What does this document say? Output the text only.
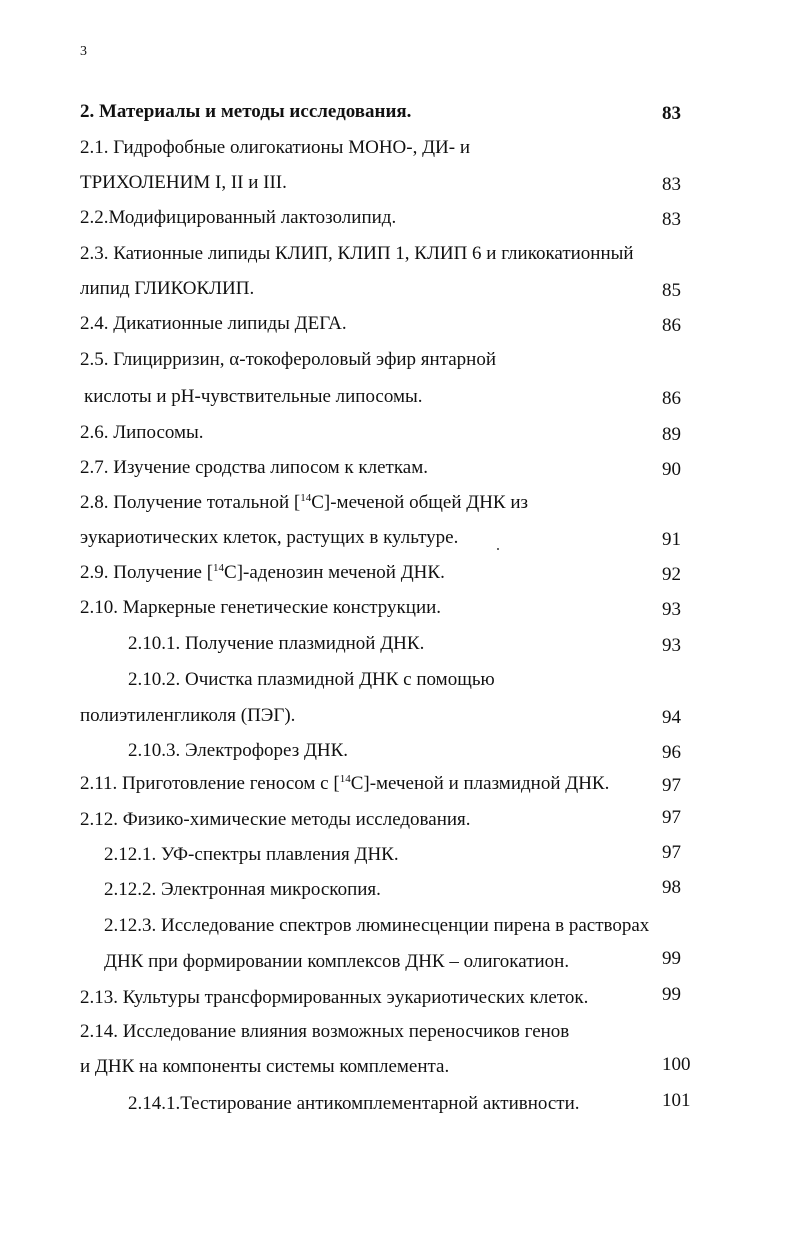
3
2. Материалы и методы исследования.	83
2.1. Гидрофобные олигокатионы МОНО-, ДИ- и
ТРИХОЛЕНИМ I, II и III.	83
2.2.Модифицированный лактозолипид.	83
2.3. Катионные липиды КЛИП, КЛИП 1, КЛИП 6 и гликокатионный
липид ГЛИКОКЛИП.	85
2.4. Дикатионные липиды ДЕГА.	86
2.5. Глицирризин, α-токофероловый эфир янтарной
кислоты и pH-чувствительные липосомы.	86
2.6. Липосомы.	89
2.7. Изучение сродства липосом к клеткам.	90
2.8. Получение тотальной [$^{14}$C]-меченой общей ДНК из
эукариотических клеток, растущих в культуре.	91
2.9. Получение [$^{14}$C]-аденозин меченой ДНК.	92
2.10. Маркерные генетические конструкции.	93
2.10.1. Получение плазмидной ДНК.	93
2.10.2. Очистка плазмидной ДНК с помощью
полиэтиленгликоля (ПЭГ).	94
2.10.3. Электрофорез ДНК.	96
2.11. Приготовление геносом с [$^{14}$C]-меченой и плазмидной ДНК.	97
2.12. Физико-химические методы исследования.	97
2.12.1. УФ-спектры плавления ДНК.	97
2.12.2. Электронная микроскопия.	98
2.12.3. Исследование спектров люминесценции пирена в растворах
ДНК при формировании комплексов ДНК – олигокатион.	99
2.13. Культуры трансформированных эукариотических клеток.	99
2.14. Исследование влияния возможных переносчиков генов
и ДНК на компоненты системы комплемента.	100
2.14.1.Тестирование антикомплементарной активности.	101
